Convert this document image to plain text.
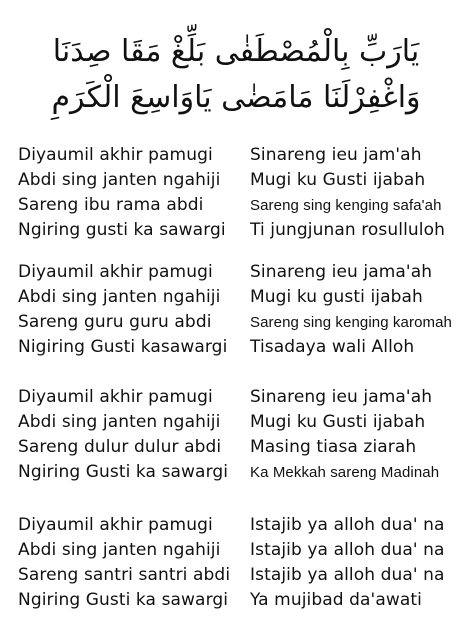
يَارَبِّ بِالْمُصْطَفٰى بَلِّغْ مَقَا صِدَنَا
وَاغْفِرْلَنَا مَامَضٰى يَاوَاسِعَ الْكَرَمِ
Diyaumil akhir pamugi Sinareng ieu jam'ah
Abdi sing janten ngahiji Mugi ku Gusti ijabah
Sareng ibu rama abdi	Sareng sing kenging safa'ah
Ngiring gusti ka sawargi Ti jungjunan rosulluloh
Diyaumil akhir pamugi Sinareng ieu jama'ah
Abdi sing janten ngahiji Mugi ku gusti ijabah
Sareng guru guru abdi	Sareng sing kenging karomah
Nigiring Gusti kasawargi Tisadaya wali Alloh
Diyaumil akhir pamugi Sinareng ieu jama'ah
Abdi sing janten ngahiji Mugi ku Gusti ijabah
Sareng dulur dulur abdi Masing tiasa ziarah
Ngiring Gusti ka sawargi Ka Mekkah sareng Madinah
Diyaumil akhir pamugi Istajib ya alloh dua' na
Abdi sing janten ngahiji Istajib ya alloh dua' na
Sareng santri santri abdi Istajib ya alloh dua' na
Ngiring Gusti ka sawargi Ya mujibad da'awati
